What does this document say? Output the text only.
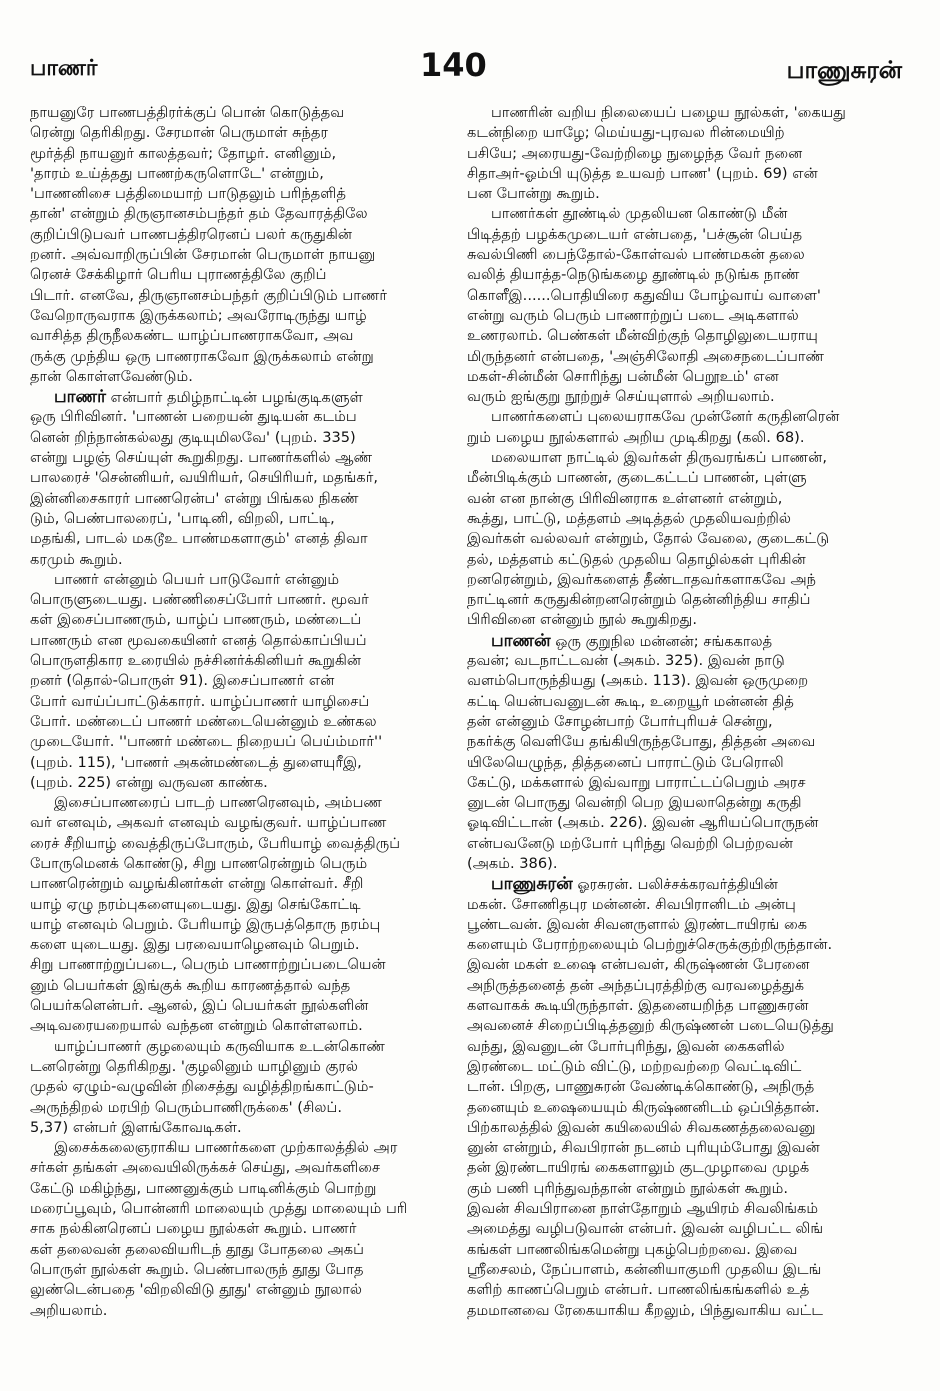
பாணர்	140	பாணுசுரன்
நாயனுரே பாணபத்திரர்க்குப் பொன் கொடுத்தவ
ரென்று தெரிகிறது. சேரமான் பெருமாள் சுந்தர
மூர்த்தி நாயனுர் காலத்தவர்; தோழர். எனினும்,
'தாரம் உய்த்தது பாணற்கருளொடே' என்றும்,
'பாணனிசை பத்திமையாற் பாடுதலும் பரிந்தளித்
தான்' என்றும் திருஞானசம்பந்தர் தம் தேவாரத்திலே
குறிப்பிடுபவர் பாணபத்திரரெனப் பலர் கருதுகின்
றனர். அவ்வாறிருப்பின் சேரமான் பெருமாள் நாயனு
ரெனச் சேக்கிழார் பெரிய புராணத்திலே குறிப்
பிடார். எனவே, திருஞானசம்பந்தர் குறிப்பிடும் பாணர்
வேறொருவராக இருக்கலாம்; அவரோடிருந்து யாழ்
வாசித்த திருநீலகண்ட யாழ்ப்பாணராகவோ, அவ
ருக்கு முந்திய ஒரு பாணராகவோ இருக்கலாம் என்று
தான் கொள்ளவேண்டும்.
பாணர் என்பார் தமிழ்நாட்டின் பழங்குடிகளுள்
ஒரு பிரிவினர். 'பாணன் பறையன் துடியன் கடம்ப
னென் றிந்நான்கல்லது குடியுமிலவே' (புறம். 335)
என்று பழஞ் செய்யுள் கூறுகிறது. பாணர்களில் ஆண்
பாலரைச் 'சென்னியர், வயிரியர், செயிரியர், மதங்கர்,
இன்னிசைகாரர் பாணரென்ப' என்று பிங்கல நிகண்
டும், பெண்பாலரைப், 'பாடினி, விறலி, பாட்டி,
மதங்கி, பாடல் மகடூஉ பாண்மகளாகும்' எனத் திவா
கரமும் கூறும்.
பாணர் என்னும் பெயர் பாடுவோர் என்னும்
பொருளுடையது. பண்ணிசைப்போர் பாணர். மூவர்
கள் இசைப்பாணரும், யாழ்ப் பாணரும், மண்டைப்
பாணரும் என மூவகையினர் எனத் தொல்காப்பியப்
பொருளதிகார உரையில் நச்சினர்க்கினியர் கூறுகின்
றனர் (தொல்-பொருள் 91). இசைப்பாணர் என்
போர் வாய்ப்பாட்டுக்காரர். யாழ்ப்பாணர் யாழிசைப்
போர். மண்டைப் பாணர் மண்டையென்னும் உண்கல
முடையோர். ''பாணர் மண்டை நிறையப் பெய்ம்மார்''
(புறம். 115), 'பாணர் அகன்மண்டைத் துளையுரீஇ,
(புறம். 225) என்று வருவன காண்க.
இசைப்பாணரைப் பாடற் பாணரெனவும், அம்பண
வர் எனவும், அகவர் எனவும் வழங்குவர். யாழ்ப்பாண
ரைச் சீறியாழ் வைத்திருப்போரும், பேரியாழ் வைத்திருப்
போருமெனக் கொண்டு, சிறு பாணரென்றும் பெரும்
பாணரென்றும் வழங்கினர்கள் என்று கொள்வர். சீறி
யாழ் ஏழு நரம்புகளையுடையது. இது செங்கோட்டி
யாழ் எனவும் பெறும். பேரியாழ் இருபத்தொரு நரம்பு
களை யுடையது. இது பரவையாழெனவும் பெறும்.
சிறு பாணாற்றுப்படை, பெரும் பாணாற்றுப்படையென்
னும் பெயர்கள் இங்குக் கூறிய காரணத்தால் வந்த
பெயர்களென்பர். ஆனல், இப் பெயர்கள் நூல்களின்
அடிவரையறையால் வந்தன என்றும் கொள்ளலாம்.
யாழ்ப்பாணர் குழலையும் கருவியாக உடன்கொண்
டனரென்று தெரிகிறது. 'குழலினும் யாழினும் குரல்
முதல் ஏழும்-வழுவின் றிசைத்து வழித்திறங்காட்டும்-
அருந்திறல் மரபிற் பெரும்பாணிருக்கை' (சிலப்.
5,37) என்பர் இளங்கோவடிகள்.
இசைக்கலைஞராகிய பாணர்களை முற்காலத்தில் அர
சர்கள் தங்கள் அவையிலிருக்கச் செய்து, அவர்களிசை
கேட்டு மகிழ்ந்து, பாணனுக்கும் பாடினிக்கும் பொற்று
மரைப்பூவும், பொன்னரி மாலையும் முத்து மாலையும் பரி
சாக நல்கினரெனப் பழைய நூல்கள் கூறும். பாணர்
கள் தலைவன் தலைவியரிடந் தூது போதலை அகப்
பொருள் நூல்கள் கூறும். பெண்பாலருந் தூது போத
லுண்டென்பதை 'விறலிவிடு தூது' என்னும் நூலால்
அறியலாம்.
பாணரின் வறிய நிலையைப் பழைய நூல்கள், 'கையது
கடன்நிறை யாழே; மெய்யது-புரவல ரின்மையிற்
பசியே; அரையது-வேற்றிழை நுழைந்த வேர் நனை
சிதாஅர்-ஓம்பி யுடுத்த உயவற் பாண' (புறம். 69) என்
பன போன்று கூறும்.
பாணர்கள் தூண்டில் முதலியன கொண்டு மீன்
பிடித்தற் பழக்கமுடையர் என்பதை, 'பச்சூன் பெய்த
சுவல்பிணி பைந்தோல்-கோள்வல் பாண்மகன் தலை
வலித் தியாத்த-நெடுங்கழை தூண்டில் நடுங்க நாண்
கொளீஇ......பொதியிரை கதுவிய போழ்வாய் வாளை'
என்று வரும் பெரும் பாணாற்றுப் படை அடிகளால்
உணரலாம். பெண்கள் மீன்விற்குந் தொழிலுடையராயு
மிருந்தனர் என்பதை, 'அஞ்சிலோதி அசைநடைப்பாண்
மகள்-சின்மீன் சொரிந்து பன்மீன் பெறூஉம்' என
வரும் ஐங்குறு நூற்றுச் செய்யுளால் அறியலாம்.
பாணர்களைப் புலையராகவே முன்னேர் கருதினரென்
றும் பழைய நூல்களால் அறிய முடிகிறது (கலி. 68).
மலையாள நாட்டில் இவர்கள் திருவரங்கப் பாணன்,
மீன்பிடிக்கும் பாணன், குடைகட்டப் பாணன், புள்ளு
வன் என நான்கு பிரிவினராக உள்ளனர் என்றும்,
கூத்து, பாட்டு, மத்தளம் அடித்தல் முதலியவற்றில்
இவர்கள் வல்லவர் என்றும், தோல் வேலை, குடைகட்டு
தல், மத்தளம் கட்டுதல் முதலிய தொழில்கள் புரிகின்
றனரென்றும், இவர்களைத் தீண்டாதவர்களாகவே அந்
நாட்டினர் கருதுகின்றனரென்றும் தென்னிந்திய சாதிப்
பிரிவினை என்னும் நூல் கூறுகிறது.
பாணன் ஒரு குறுநில மன்னன்; சங்ககாலத்
தவன்; வடநாட்டவன் (அகம். 325). இவன் நாடு
வளம்பொருந்தியது (அகம். 113). இவன் ஒருமுறை
கட்டி யென்பவனுடன் கூடி, உறையூர் மன்னன் தித்
தன் என்னும் சோழன்பாற் போர்புரியச் சென்று,
நகர்க்கு வெளியே தங்கியிருந்தபோது, தித்தன் அவை
யிலேயெழுந்த, தித்தனைப் பாராட்டும் பேரொலி
கேட்டு, மக்களால் இவ்வாறு பாராட்டப்பெறும் அரச
னுடன் பொருது வென்றி பெற இயலாதென்று கருதி
ஓடிவிட்டான் (அகம். 226). இவன் ஆரியப்பொருநன்
என்பவனேடு மற்போர் புரிந்து வெற்றி பெற்றவன்
(அகம். 386).
பாணுசுரன் ஓரசுரன். பலிச்சக்கரவர்த்தியின்
மகன். சோணிதபுர மன்னன். சிவபிரானிடம் அன்பு
பூண்டவன். இவன் சிவனருளால் இரண்டாயிரங் கை
களையும் பேராற்றலையும் பெற்றுச்செருக்குற்றிருந்தான்.
இவன் மகள் உஷை என்பவள், கிருஷ்ணன் பேரனை
அநிருத்தனைத் தன் அந்தப்புரத்திற்கு வரவழைத்துக்
களவாகக் கூடியிருந்தாள். இதனையறிந்த பாணுசுரன்
அவனைச் சிறைப்பிடித்தனுற் கிருஷ்ணன் படையெடுத்து
வந்து, இவனுடன் போர்புரிந்து, இவன் கைகளில்
இரண்டை மட்டும் விட்டு, மற்றவற்றை வெட்டிவிட்
டான். பிறகு, பாணுசுரன் வேண்டிக்கொண்டு, அநிருத்
தனையும் உஷையையும் கிருஷ்ணனிடம் ஒப்பித்தான்.
பிற்காலத்தில் இவன் கயிலையில் சிவகணத்தலைவனு
னுன் என்றும், சிவபிரான் நடனம் புரியும்போது இவன்
தன் இரண்டாயிரங் கைகளாலும் குடமுழாவை முழக்
கும் பணி புரிந்துவந்தான் என்றும் நூல்கள் கூறும்.
இவன் சிவபிரானை நாள்தோறும் ஆயிரம் சிவலிங்கம்
அமைத்து வழிபடுவான் என்பர். இவன் வழிபட்ட லிங்
கங்கள் பாணலிங்கமென்று புகழ்பெற்றவை. இவை
ஸ்ரீசைலம், நேப்பாளம், கன்னியாகுமரி முதலிய இடங்
களிற் காணப்பெறும் என்பர். பாணலிங்கங்களில் உத்
தமமானவை ரேகையாகிய கீறலும், பிந்துவாகிய வட்ட
